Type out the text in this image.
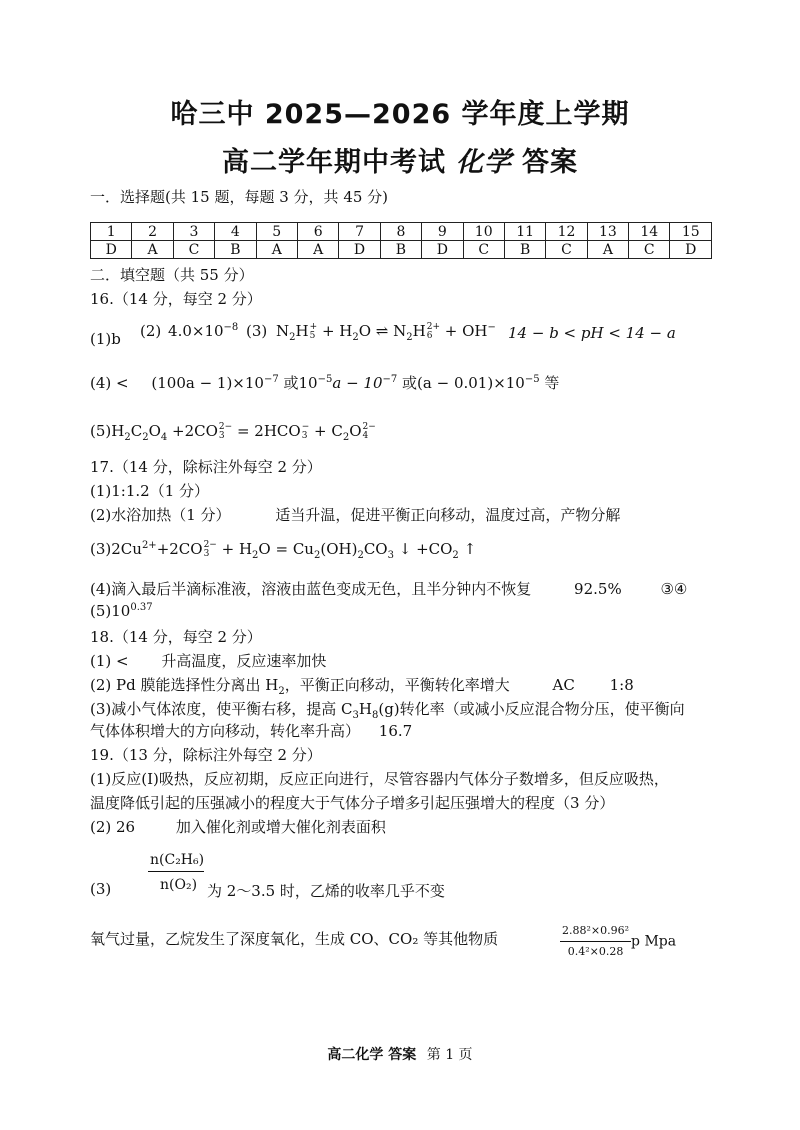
哈三中 2025—2026 学年度上学期
高二学年期中考试 化学 答案
一．选择题(共 15 题，每题 3 分，共 45 分)
1	2	3	4	5	6	7	8	9	10	11	12	13	14	15
D	A	C	B	A	A	D	B	D	C	B	C	A	C	D
二．填空题（共 55 分）
16.（14 分，每空 2 分）
(1)b (2) $4.0\times 10^{-8}$ (3) $N_2H$ +
$5 + H_2O$ ⇌ $N_2H$ 2+
6 + OH− 14 − b < pH < 14 − a
$(4) < (100a - 1)\times 10^{-7}$ 或$10^{-5}a - 10^{-7}$ 或$(a - 0.01)\times 10^{-5}$ 等
$(5)H_2C_2O_4 +2CO$ 2−
3 = 2HCO −
$3 + C_2O$ 2−
4
17.（14 分，除标注外每空 2 分）
(1)1:1.2（1 分）
(2)水浴加热（1 分）	适当升温，促进平衡正向移动，温度过高，产物分解
$(3)2Cu^{2+}+2CO$ 2−
$3 + H_2O = Cu_2(OH)_2CO_3$ ↓ $+CO_2$ ↑
(4)滴入最后半滴标准液，溶液由蓝色变成无色，且半分钟内不恢复	92.5%	③④
$(5)10^{0.37}$
18.（14 分，每空 2 分）
(1) < 升高温度，反应速率加快
(2) Pd 膜能选择性分离出 $H_2$，平衡正向移动，平衡转化率增大	AC 1:8
(3)减小气体浓度，使平衡右移，提高 $C_3H_8(g)$转化率（或减小反应混合物分压，使平衡向
气体体积增大的方向移动，转化率升高） 16.7
19.（13 分，除标注外每空 2 分）
(1)反应(I)吸热，反应初期，反应正向进行，尽管容器内气体分子数增多，但反应吸热，
温度降低引起的压强减小的程度大于气体分子增多引起压强增大的程度（3 分）
(2) 26	加入催化剂或增大催化剂表面积
(3)
n(C₂H₆)
n(O₂) 为 2～3.5 时，乙烯的收率几乎不变
氧气过量，乙烷发生了深度氧化，生成 CO、CO₂ 等其他物质	$\frac{\text{2.88²×0.96²}}{\text{0.4²×0.28}}$ p Mpa
高二化学 答案 第 1 页
